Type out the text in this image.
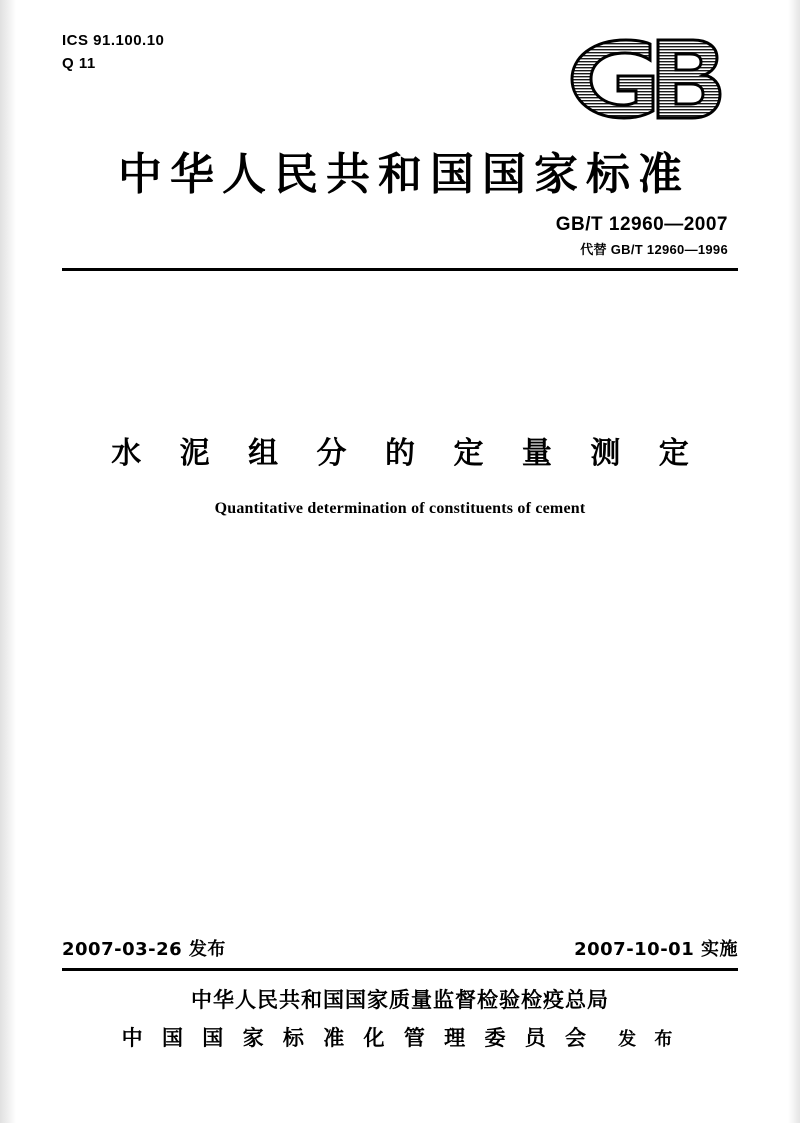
ICS 91.100.10
Q 11
中华人民共和国国家标准
GB/T 12960—2007
代替 GB/T 12960—1996
水 泥 组 分 的 定 量 测 定
Quantitative determination of constituents of cement
2007-03-26 发布	2007-10-01 实施
中华人民共和国国家质量监督检验检疫总局
中 国 国 家 标 准 化 管 理 委 员 会 发 布
